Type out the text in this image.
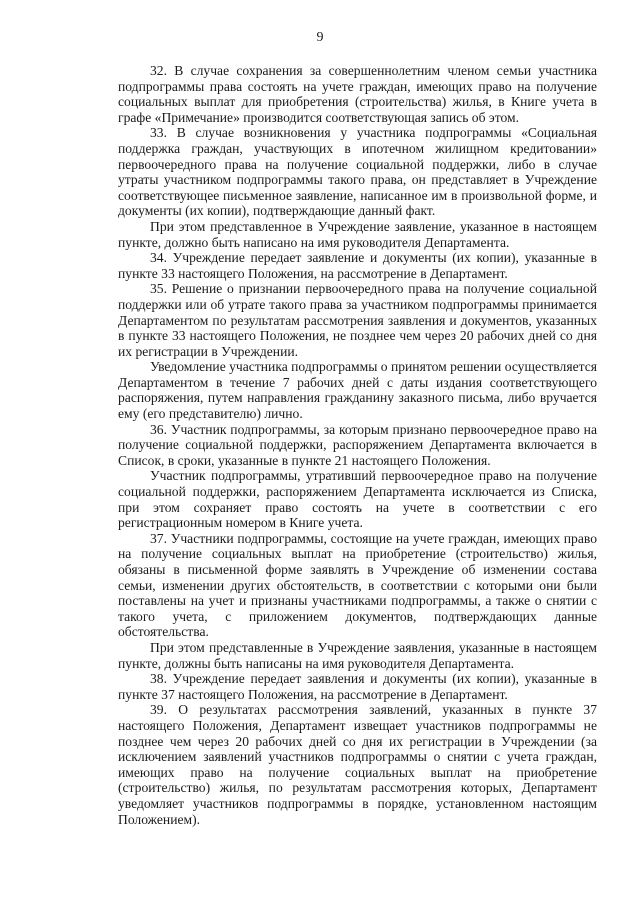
9

32. В случае сохранения за совершеннолетним членом семьи участника подпрограммы права состоять на учете граждан, имеющих право на получение социальных выплат для приобретения (строительства) жилья, в Книге учета в графе «Примечание» производится соответствующая запись об этом.

33. В случае возникновения у участника подпрограммы «Социальная поддержка граждан, участвующих в ипотечном жилищном кредитовании» первоочередного права на получение социальной поддержки, либо в случае утраты участником подпрограммы такого права, он представляет в Учреждение соответствующее письменное заявление, написанное им в произвольной форме, и документы (их копии), подтверждающие данный факт.

При этом представленное в Учреждение заявление, указанное в настоящем пункте, должно быть написано на имя руководителя Департамента.

34. Учреждение передает заявление и документы (их копии), указанные в пункте 33 настоящего Положения, на рассмотрение в Департамент.

35. Решение о признании первоочередного права на получение социальной поддержки или об утрате такого права за участником подпрограммы принимается Департаментом по результатам рассмотрения заявления и документов, указанных в пункте 33 настоящего Положения, не позднее чем через 20 рабочих дней со дня их регистрации в Учреждении.

Уведомление участника подпрограммы о принятом решении осуществляется Департаментом в течение 7 рабочих дней с даты издания соответствующего распоряжения, путем направления гражданину заказного письма, либо вручается ему (его представителю) лично.

36. Участник подпрограммы, за которым признано первоочередное право на получение социальной поддержки, распоряжением Департамента включается в Список, в сроки, указанные в пункте 21 настоящего Положения.

Участник подпрограммы, утративший первоочередное право на получение социальной поддержки, распоряжением Департамента исключается из Списка, при этом сохраняет право состоять на учете в соответствии с его регистрационным номером в Книге учета.

37. Участники подпрограммы, состоящие на учете граждан, имеющих право на получение социальных выплат на приобретение (строительство) жилья, обязаны в письменной форме заявлять в Учреждение об изменении состава семьи, изменении других обстоятельств, в соответствии с которыми они были поставлены на учет и признаны участниками подпрограммы, а также о снятии с такого учета, с приложением документов, подтверждающих данные обстоятельства.

При этом представленные в Учреждение заявления, указанные в настоящем пункте, должны быть написаны на имя руководителя Департамента.

38. Учреждение передает заявления и документы (их копии), указанные в пункте 37 настоящего Положения, на рассмотрение в Департамент.

39. О результатах рассмотрения заявлений, указанных в пункте 37 настоящего Положения, Департамент извещает участников подпрограммы не позднее чем через 20 рабочих дней со дня их регистрации в Учреждении (за исключением заявлений участников подпрограммы о снятии с учета граждан, имеющих право на получение социальных выплат на приобретение (строительство) жилья, по результатам рассмотрения которых, Департамент уведомляет участников подпрограммы в порядке, установленном настоящим Положением).
